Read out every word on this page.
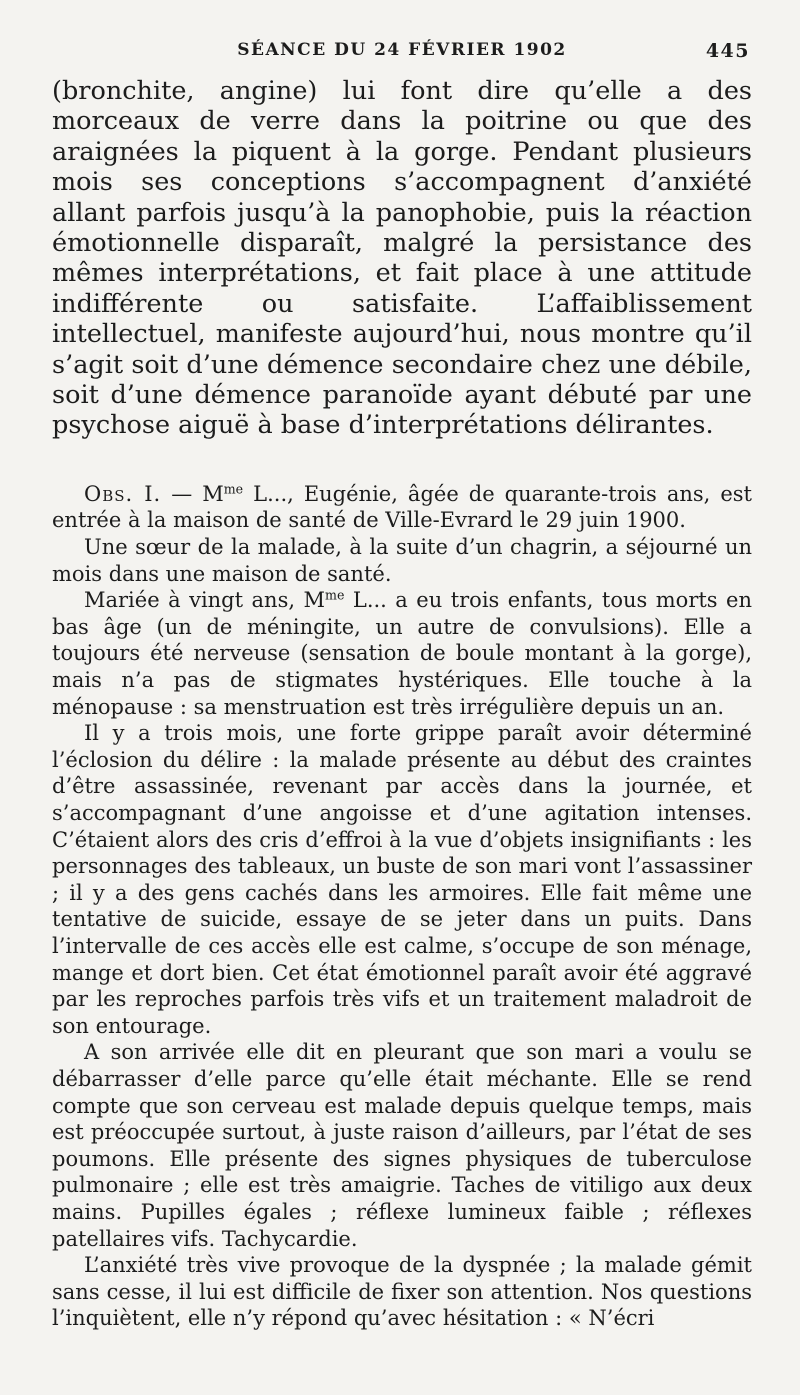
SÉANCE DU 24 FÉVRIER 1902	445

(bronchite, angine) lui font dire qu’elle a des morceaux de verre dans la poitrine ou que des araignées la piquent à la gorge. Pendant plusieurs mois ses conceptions s’accompagnent d’anxiété allant parfois jusqu’à la panophobie, puis la réaction émotionnelle disparaît, malgré la persistance des mêmes interprétations, et fait place à une attitude indifférente ou satisfaite. L’affaiblissement intellectuel, manifeste aujourd’hui, nous montre qu’il s’agit soit d’une démence secondaire chez une débile, soit d’une démence paranoïde ayant débuté par une psychose aiguë à base d’interprétations délirantes.

Obs. I. — $M^{me}$ L..., Eugénie, âgée de quarante-trois ans, est entrée à la maison de santé de Ville-Evrard le 29 juin 1900.

Une sœur de la malade, à la suite d’un chagrin, a séjourné un mois dans une maison de santé.

Mariée à vingt ans, $M^{me}$ L... a eu trois enfants, tous morts en bas âge (un de méningite, un autre de convulsions). Elle a toujours été nerveuse (sensation de boule montant à la gorge), mais n’a pas de stigmates hystériques. Elle touche à la ménopause : sa menstruation est très irrégulière depuis un an.

Il y a trois mois, une forte grippe paraît avoir déterminé l’éclosion du délire : la malade présente au début des craintes d’être assassinée, revenant par accès dans la journée, et s’accompagnant d’une angoisse et d’une agitation intenses. C’étaient alors des cris d’effroi à la vue d’objets insignifiants : les personnages des tableaux, un buste de son mari vont l’assassiner ; il y a des gens cachés dans les armoires. Elle fait même une tentative de suicide, essaye de se jeter dans un puits. Dans l’intervalle de ces accès elle est calme, s’occupe de son ménage, mange et dort bien. Cet état émotionnel paraît avoir été aggravé par les reproches parfois très vifs et un traitement maladroit de son entourage.

A son arrivée elle dit en pleurant que son mari a voulu se débarrasser d’elle parce qu’elle était méchante. Elle se rend compte que son cerveau est malade depuis quelque temps, mais est préoccupée surtout, à juste raison d’ailleurs, par l’état de ses poumons. Elle présente des signes physiques de tuberculose pulmonaire ; elle est très amaigrie. Taches de vitiligo aux deux mains. Pupilles égales ; réflexe lumineux faible ; réflexes patellaires vifs. Tachycardie.

L’anxiété très vive provoque de la dyspnée ; la malade gémit sans cesse, il lui est difficile de fixer son attention. Nos questions l’inquiètent, elle n’y répond qu’avec hésitation : « N’écri
